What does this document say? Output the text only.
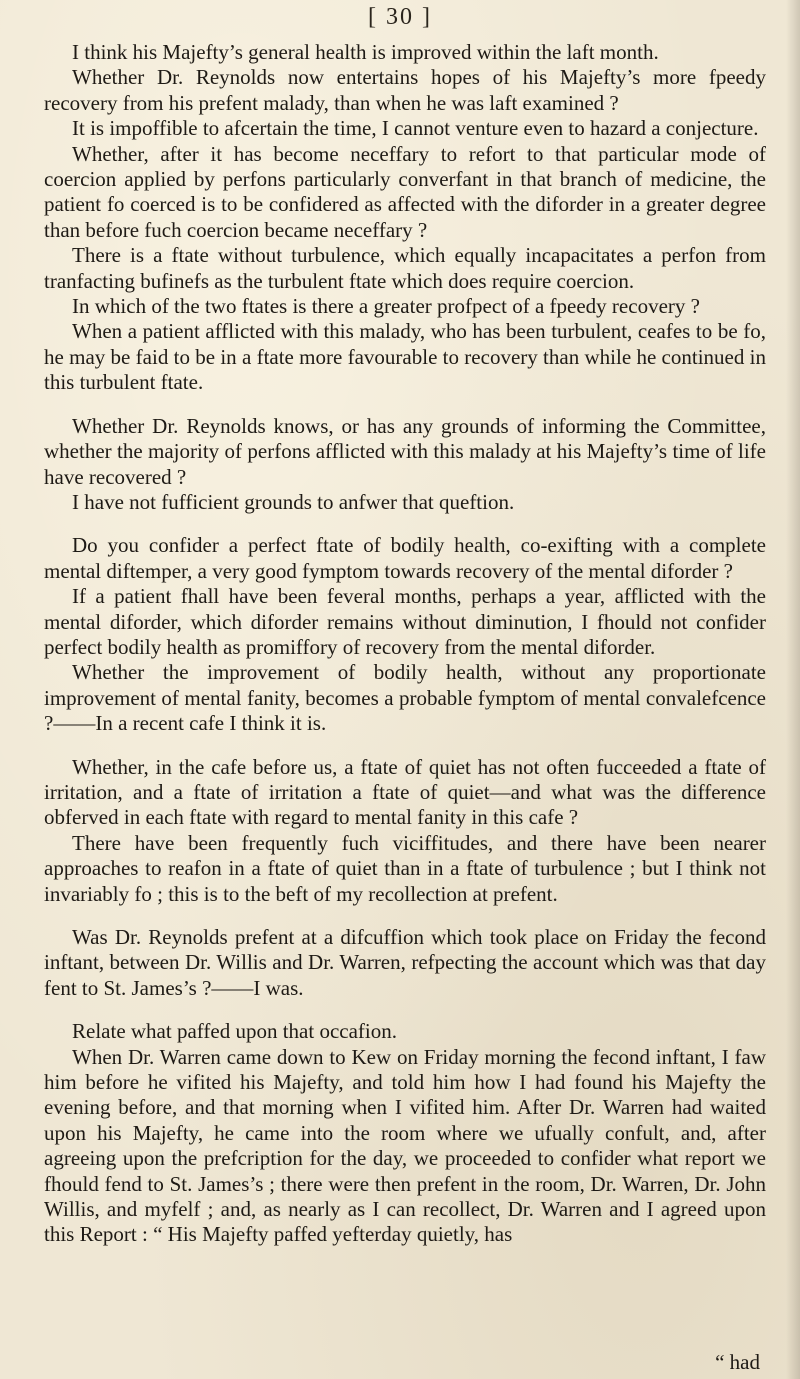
[ 30 ]

I think his Majefty’s general health is improved within the laft month.

Whether Dr. Reynolds now entertains hopes of his Majefty’s more fpeedy recovery from his prefent malady, than when he was laft examined ?

It is impoffible to afcertain the time, I cannot venture even to hazard a conjecture.

Whether, after it has become neceffary to refort to that particular mode of coercion applied by perfons particularly converfant in that branch of medicine, the patient fo coerced is to be confidered as affected with the diforder in a greater degree than before fuch coercion became neceffary ?

There is a ftate without turbulence, which equally incapacitates a perfon from tranfacting bufinefs as the turbulent ftate which does require coercion.

In which of the two ftates is there a greater profpect of a fpeedy recovery ?

When a patient afflicted with this malady, who has been turbulent, ceafes to be fo, he may be faid to be in a ftate more favourable to recovery than while he continued in this turbulent ftate.

Whether Dr. Reynolds knows, or has any grounds of informing the Committee, whether the majority of perfons afflicted with this malady at his Majefty’s time of life have recovered ?

I have not fufficient grounds to anfwer that queftion.

Do you confider a perfect ftate of bodily health, co-exifting with a complete mental diftemper, a very good fymptom towards recovery of the mental diforder ?

If a patient fhall have been feveral months, perhaps a year, afflicted with the mental diforder, which diforder remains without diminution, I fhould not confider perfect bodily health as promiffory of recovery from the mental diforder.

Whether the improvement of bodily health, without any proportionate improvement of mental fanity, becomes a probable fymptom of mental convalefcence ?——In a recent cafe I think it is.

Whether, in the cafe before us, a ftate of quiet has not often fucceeded a ftate of irritation, and a ftate of irritation a ftate of quiet—and what was the difference obferved in each ftate with regard to mental fanity in this cafe ?

There have been frequently fuch viciffitudes, and there have been nearer approaches to reafon in a ftate of quiet than in a ftate of turbulence ; but I think not invariably fo ; this is to the beft of my recollection at prefent.

Was Dr. Reynolds prefent at a difcuffion which took place on Friday the fecond inftant, between Dr. Willis and Dr. Warren, refpecting the account which was that day fent to St. James’s ?——I was.

Relate what paffed upon that occafion.

When Dr. Warren came down to Kew on Friday morning the fecond inftant, I faw him before he vifited his Majefty, and told him how I had found his Majefty the evening before, and that morning when I vifited him. After Dr. Warren had waited upon his Majefty, he came into the room where we ufually confult, and, after agreeing upon the prefcription for the day, we proceeded to confider what report we fhould fend to St. James’s ; there were then prefent in the room, Dr. Warren, Dr. John Willis, and myfelf ; and, as nearly as I can recollect, Dr. Warren and I agreed upon this Report : “ His Majefty paffed yefterday quietly, has

“ had
